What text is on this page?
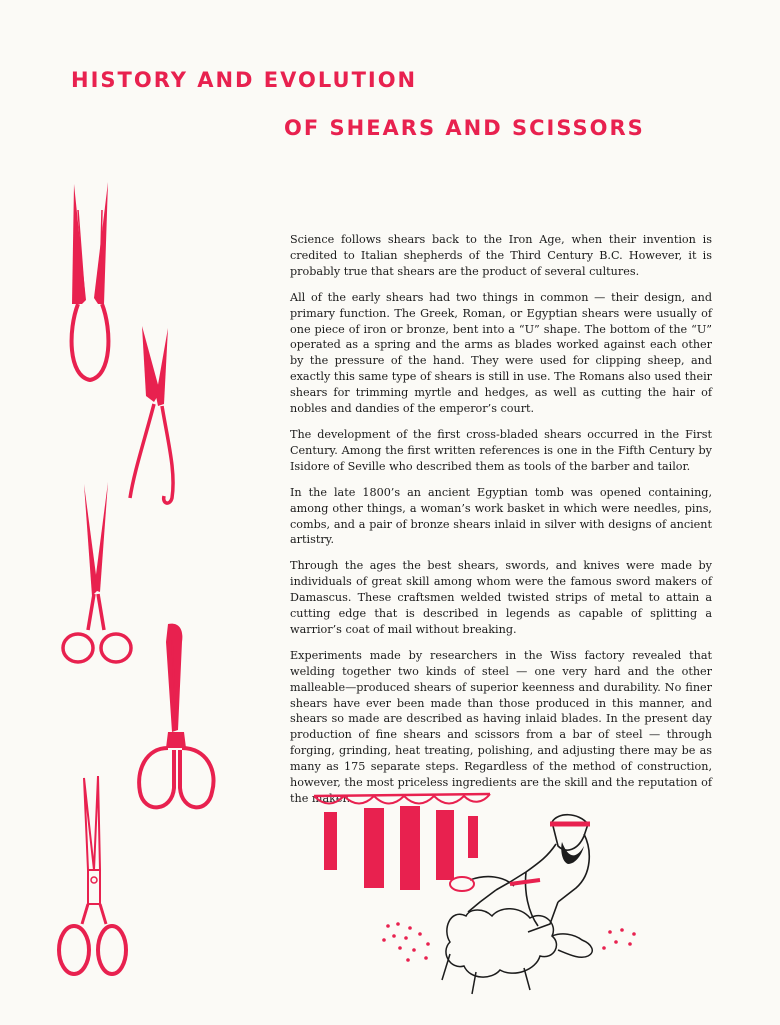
HISTORY AND EVOLUTION
OF SHEARS AND SCISSORS

Science follows shears back to the Iron Age, when their invention is credited to Italian shepherds of the Third Century B.C. However, it is probably true that shears are the product of several cultures.

All of the early shears had two things in common — their design, and primary function. The Greek, Roman, or Egyptian shears were usually of one piece of iron or bronze, bent into a “U” shape. The bottom of the “U” operated as a spring and the arms as blades worked against each other by the pressure of the hand. They were used for clipping sheep, and exactly this same type of shears is still in use. The Romans also used their shears for trimming myrtle and hedges, as well as cutting the hair of nobles and dandies of the emperor’s court.

The development of the first cross-bladed shears occurred in the First Century. Among the first written references is one in the Fifth Century by Isidore of Seville who described them as tools of the barber and tailor.

In the late 1800’s an ancient Egyptian tomb was opened containing, among other things, a woman’s work basket in which were needles, pins, combs, and a pair of bronze shears inlaid in silver with designs of ancient artistry.

Through the ages the best shears, swords, and knives were made by individuals of great skill among whom were the famous sword makers of Damascus. These craftsmen welded twisted strips of metal to attain a cutting edge that is described in legends as capable of splitting a warrior’s coat of mail without breaking.

Experiments made by researchers in the Wiss factory revealed that welding together two kinds of steel — one very hard and the other malleable—produced shears of superior keenness and durability. No finer shears have ever been made than those produced in this manner, and shears so made are described as having inlaid blades. In the present day production of fine shears and scissors from a bar of steel — through forging, grinding, heat treating, polishing, and adjusting there may be as many as 175 separate steps. Regardless of the method of construction, however, the most priceless ingredients are the skill and the reputation of the maker.
